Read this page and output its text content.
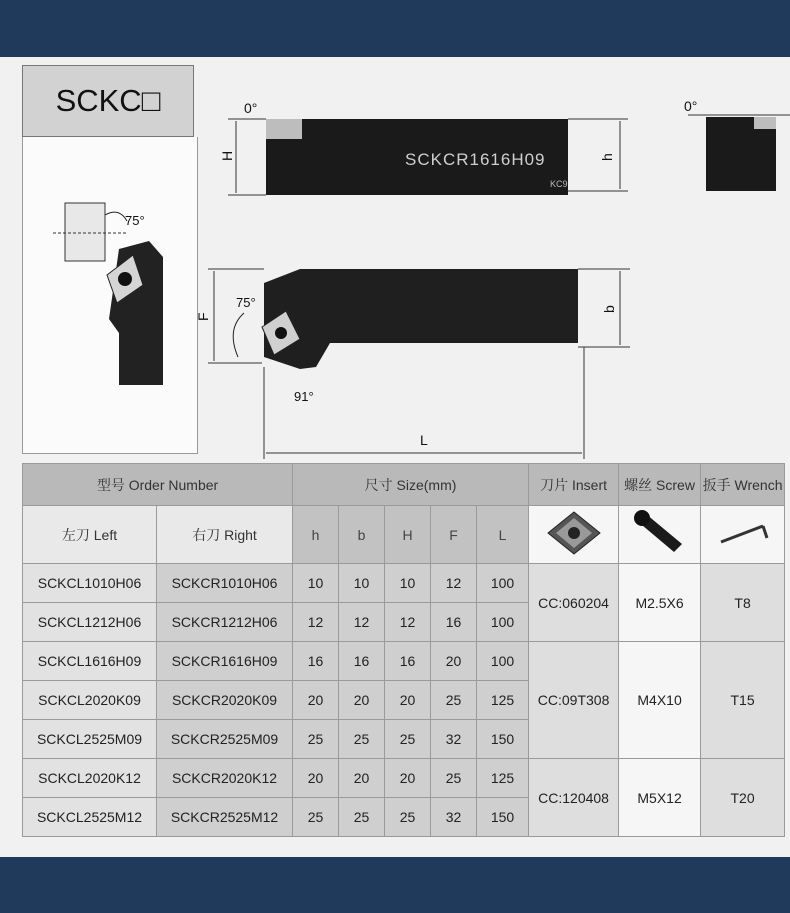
SCKC□
75°
SCKCR1616H09
KC9
0°
H	h
0°
75°
91°
F
b
L
型号 Order Number		尺寸 Size(mm)					刀片 Insert	螺丝 Screw	扳手 Wrench
左刀 Left	右刀 Right	h	b	H	F	L			
SCKCL1010H06	SCKCR1010H06	10	10	10	12	100	CC:060204	M2.5X6	T8
SCKCL1212H06	SCKCR1212H06	12	12	12	16	100			
SCKCL1616H09	SCKCR1616H09	16	16	16	20	100	CC:09T308	M4X10	T15
SCKCL2020K09	SCKCR2020K09	20	20	20	25	125			
SCKCL2525M09	SCKCR2525M09	25	25	25	32	150			
SCKCL2020K12	SCKCR2020K12	20	20	20	25	125	CC:120408	M5X12	T20
SCKCL2525M12	SCKCR2525M12	25	25	25	32	150			
